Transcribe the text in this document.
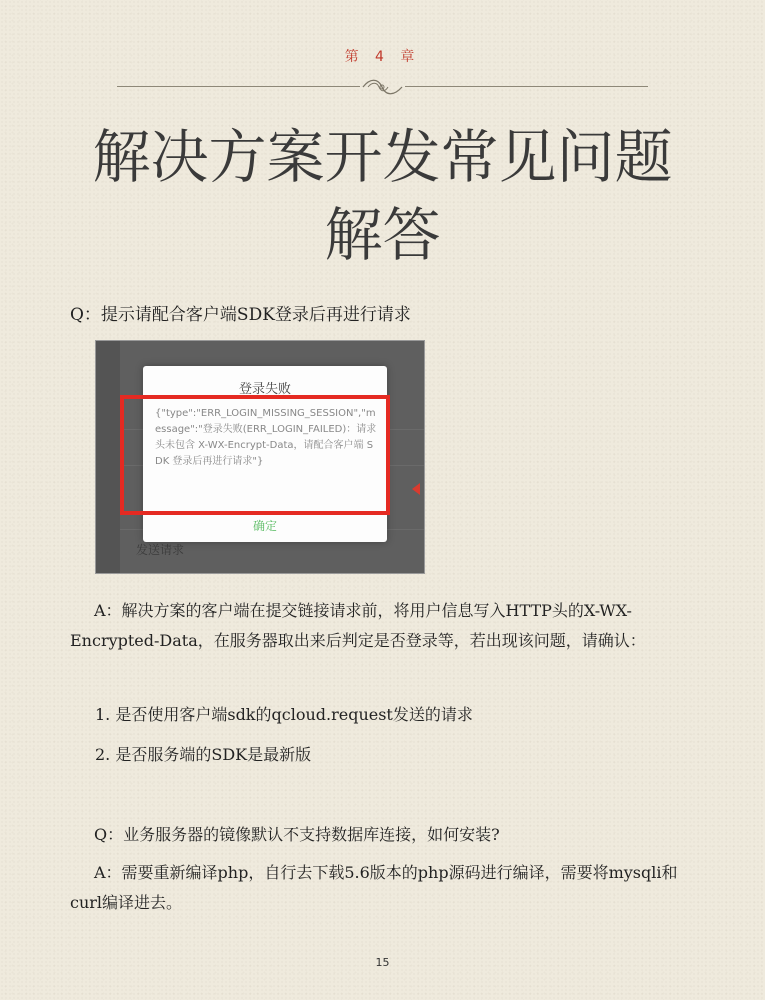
第 4 章
解决方案开发常见问题
解答
Q：提示请配合客户端SDK登录后再进行请求
登录失败
{"type":"ERR_LOGIN_MISSING_SESSION","message":"登录失败(ERR_LOGIN_FAILED)：请求头未包含 X-WX-Encrypt-Data，请配合客户端 SDK 登录后再进行请求"}
确定
发送请求
A：解决方案的客户端在提交链接请求前，将用户信息写入HTTP头的X-WX-Encrypted-Data，在服务器取出来后判定是否登录等，若出现该问题，请确认：
1. 是否使用客户端sdk的qcloud.request发送的请求
2. 是否服务端的SDK是最新版
Q：业务服务器的镜像默认不支持数据库连接，如何安装?
A：需要重新编译php，自行去下载5.6版本的php源码进行编译，需要将mysqli和curl编译进去。
15
